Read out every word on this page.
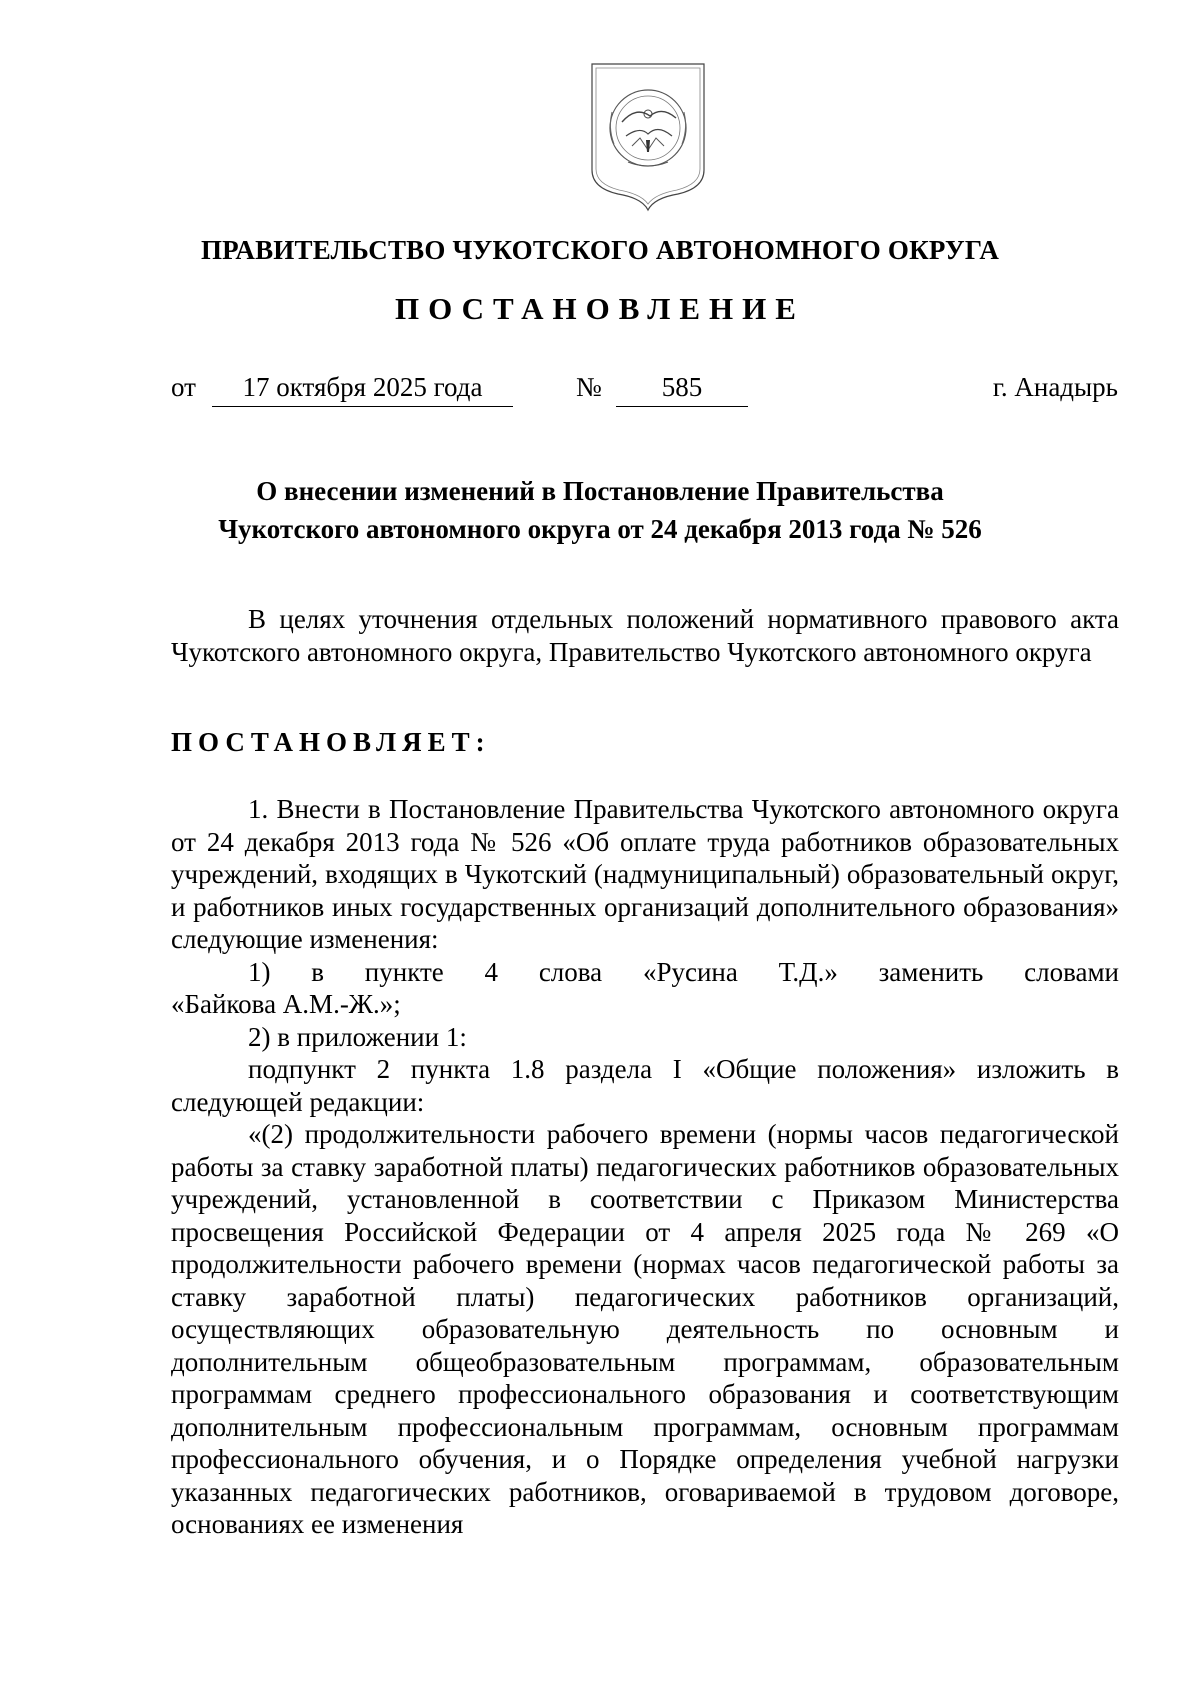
ПРАВИТЕЛЬСТВО ЧУКОТСКОГО АВТОНОМНОГО ОКРУГА
ПОСТАНОВЛЕНИЕ
от	17 октября 2025 года	№	585	г. Анадырь
О внесении изменений в Постановление Правительства
Чукотского автономного округа от 24 декабря 2013 года № 526

В целях уточнения отдельных положений нормативного правового акта Чукотского автономного округа, Правительство Чукотского автономного округа

ПОСТАНОВЛЯЕТ:

1. Внести в Постановление Правительства Чукотского автономного округа от 24 декабря 2013 года № 526 «Об оплате труда работников образовательных учреждений, входящих в Чукотский (надмуниципальный) образовательный округ, и работников иных государственных организаций дополнительного образования» следующие изменения:

1) в пункте 4 слова «Русина Т.Д.» заменить словами

«Байкова А.М.-Ж.»;

2) в приложении 1:

подпункт 2 пункта 1.8 раздела I «Общие положения» изложить в следующей редакции:

«(2) продолжительности рабочего времени (нормы часов педагогической работы за ставку заработной платы) педагогических работников образовательных учреждений, установленной в соответствии с Приказом Министерства просвещения Российской Федерации от 4 апреля 2025 года № 269 «О продолжительности рабочего времени (нормах часов педагогической работы за ставку заработной платы) педагогических работников организаций, осуществляющих образовательную деятельность по основным и дополнительным общеобразовательным программам, образовательным программам среднего профессионального образования и соответствующим дополнительным профессиональным программам, основным программам профессионального обучения, и о Порядке определения учебной нагрузки указанных педагогических работников, оговариваемой в трудовом договоре, основаниях ее изменения
